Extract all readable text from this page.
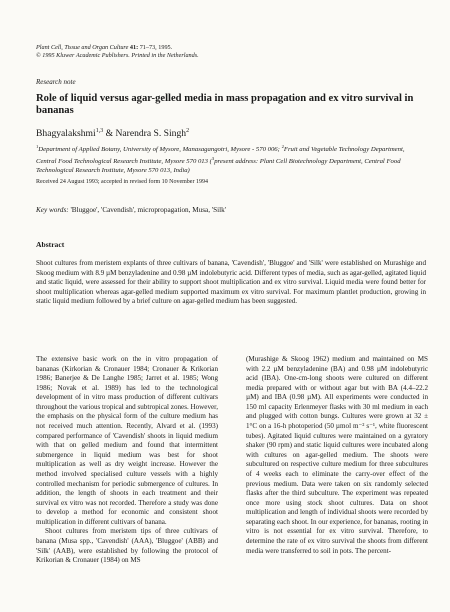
Plant Cell, Tissue and Organ Culture 41: 71–73, 1995.
© 1995 Kluwer Academic Publishers. Printed in the Netherlands.
Research note
Role of liquid versus agar-gelled media in mass propagation and ex vitro survival in bananas
Bhagyalakshmi$^{1,3}$ & Narendra S. Singh$^2$
$^1$Department of Applied Botany, University of Mysore, Manasagangotri, Mysore - 570 006; $^2$Fruit and Vegetable Technology Department, Central Food Technological Research Institute, Mysore 570 013 ($^3$present address: Plant Cell Biotechnology Department, Central Food Technological Research Institute, Mysore 570 013, India)
Received 24 August 1993; accepted in revised form 10 November 1994
Key words: 'Bluggoe', 'Cavendish', micropropagation, Musa, 'Silk'
Abstract

Shoot cultures from meristem explants of three cultivars of banana, 'Cavendish', 'Bluggoe' and 'Silk' were established on Murashige and Skoog medium with 8.9 µM benzyladenine and 0.98 µM indolebutyric acid. Different types of media, such as agar-gelled, agitated liquid and static liquid, were assessed for their ability to support shoot multiplication and ex vitro survival. Liquid media were found better for shoot multiplication whereas agar-gelled medium supported maximum ex vitro survival. For maximum plantlet production, growing in static liquid medium followed by a brief culture on agar-gelled medium has been suggested.

The extensive basic work on the in vitro propagation of bananas (Kirkorian & Cronauer 1984; Cronauer & Krikorian 1986; Banerjee & De Langhe 1985; Jarret et al. 1985; Wong 1986; Novak et al. 1989) has led to the technological development of in vitro mass production of different cultivars throughout the various tropical and subtropical zones. However, the emphasis on the physical form of the culture medium has not received much attention. Recently, Alvard et al. (1993) compared performance of 'Cavendish' shoots in liquid medium with that on gelled medium and found that intermittent submergence in liquid medium was best for shoot multiplication as well as dry weight increase. However the method involved specialised culture vessels with a highly controlled mechanism for periodic submergence of cultures. In addition, the length of shoots in each treatment and their survival ex vitro was not recorded. Therefore a study was done to develop a method for economic and consistent shoot multiplication in different cultivars of banana.

Shoot cultures from meristem tips of three cultivars of banana (Musa spp., 'Cavendish' (AAA), 'Bluggoe' (ABB) and 'Silk' (AAB), were established by following the protocol of Krikorian & Cronauer (1984) on MS

(Murashige & Skoog 1962) medium and maintained on MS with 2.2 µM benzyladenine (BA) and 0.98 µM indolebutyric acid (IBA). One-cm-long shoots were cultured on different media prepared with or without agar but with BA (4.4–22.2 µM) and IBA (0.98 µM). All experiments were conducted in 150 ml capacity Erlenmeyer flasks with 30 ml medium in each and plugged with cotton bungs. Cultures were grown at 32 ± 1°C on a 16-h photoperiod (50 µmol m⁻² s⁻¹, white fluorescent tubes). Agitated liquid cultures were maintained on a gyratory shaker (90 rpm) and static liquid cultures were incubated along with cultures on agar-gelled medium. The shoots were subcultured on respective culture medium for three subcultures of 4 weeks each to eliminate the carry-over effect of the previous medium. Data were taken on six randomly selected flasks after the third subculture. The experiment was repeated once more using stock shoot cultures. Data on shoot multiplication and length of individual shoots were recorded by separating each shoot. In our experience, for bananas, rooting in vitro is not essential for ex vitro survival. Therefore, to determine the rate of ex vitro survival the shoots from different media were transferred to soil in pots. The percent-
